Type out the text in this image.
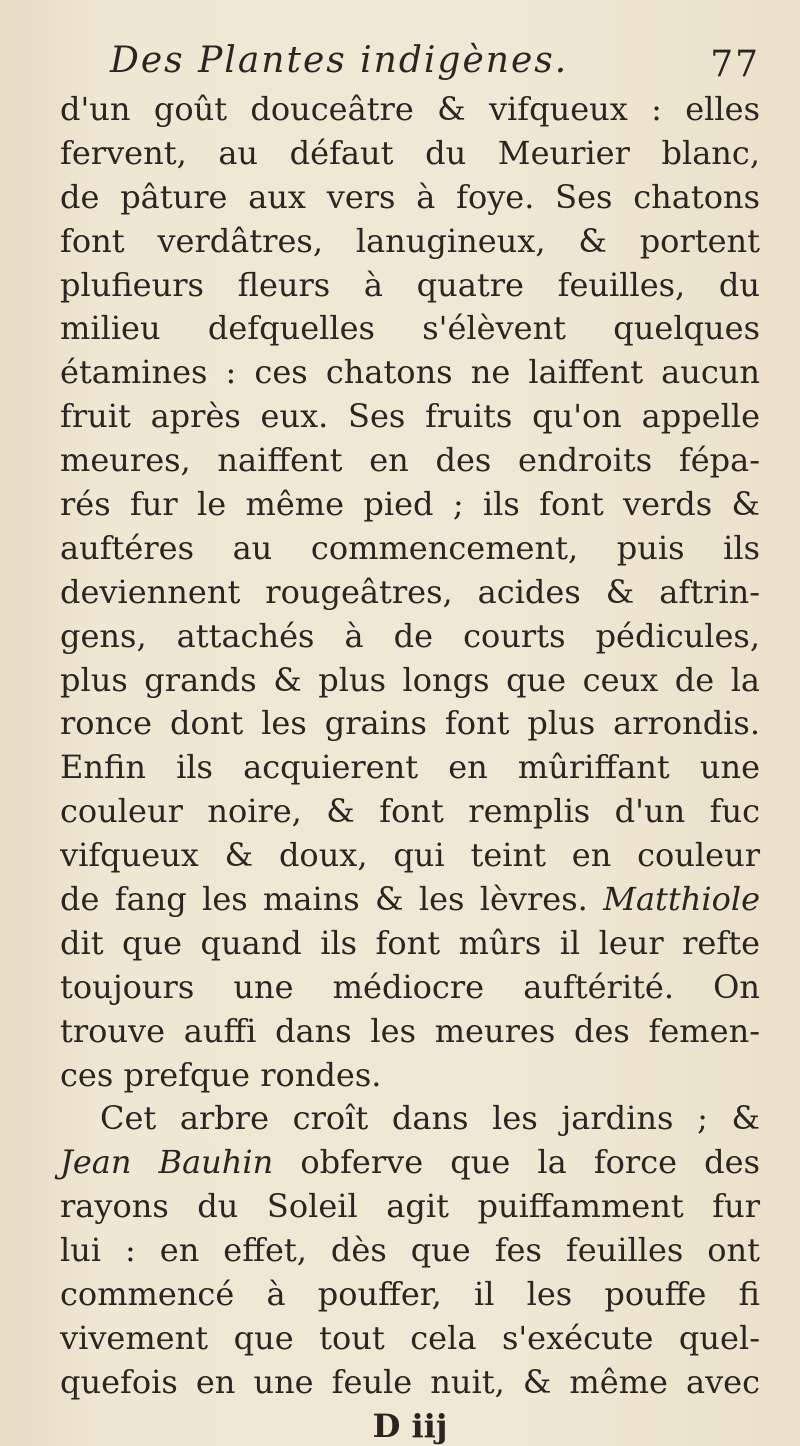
Des Plantes indigènes.	77
d'un goût douceâtre & vifqueux : elles
fervent, au défaut du Meurier blanc,
de pâture aux vers à foye. Ses chatons
font verdâtres, lanugineux, & portent
plufieurs fleurs à quatre feuilles, du
milieu defquelles s'élèvent quelques
étamines : ces chatons ne laiffent aucun
fruit après eux. Ses fruits qu'on appelle
meures, naiffent en des endroits fépa-
rés fur le même pied ; ils font verds &
auftéres au commencement, puis ils
deviennent rougeâtres, acides & aftrin-
gens, attachés à de courts pédicules,
plus grands & plus longs que ceux de la
ronce dont les grains font plus arrondis.
Enfin ils acquierent en mûriffant une
couleur noire, & font remplis d'un fuc
vifqueux & doux, qui teint en couleur
de fang les mains & les lèvres. Matthiole
dit que quand ils font mûrs il leur refte
toujours une médiocre auftérité. On
trouve auffi dans les meures des femen-
ces prefque rondes.
Cet arbre croît dans les jardins ; &
Jean Bauhin obferve que la force des
rayons du Soleil agit puiffamment fur
lui : en effet, dès que fes feuilles ont
commencé à pouffer, il les pouffe fi
vivement que tout cela s'exécute quel-
quefois en une feule nuit, & même avec
D iij
